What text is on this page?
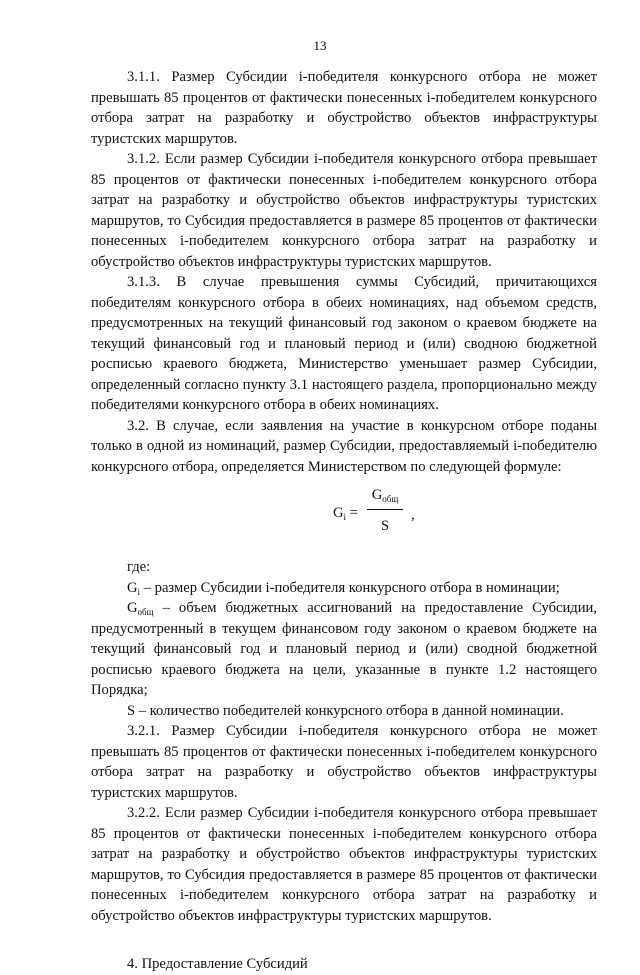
13

3.1.1. Размер Субсидии i-победителя конкурсного отбора не может превышать 85 процентов от фактически понесенных i-победителем конкурсного отбора затрат на разработку и обустройство объектов инфраструктуры туристских маршрутов.

3.1.2. Если размер Субсидии i-победителя конкурсного отбора превышает 85 процентов от фактически понесенных i-победителем конкурсного отбора затрат на разработку и обустройство объектов инфраструктуры туристских маршрутов, то Субсидия предоставляется в размере 85 процентов от фактически понесенных i-победителем конкурсного отбора затрат на разработку и обустройство объектов инфраструктуры туристских маршрутов.

3.1.3. В случае превышения суммы Субсидий, причитающихся победителям конкурсного отбора в обеих номинациях, над объемом средств, предусмотренных на текущий финансовый год законом о краевом бюджете на текущий финансовый год и плановый период и (или) сводною бюджетной росписью краевого бюджета, Министерство уменьшает размер Субсидии, определенный согласно пункту 3.1 настоящего раздела, пропорционально между победителями конкурсного отбора в обеих номинациях.

3.2. В случае, если заявления на участие в конкурсном отборе поданы только в одной из номинаций, размер Субсидии, предоставляемый i-победителю конкурсного отбора, определяется Министерством по следующей формуле:

$G_i$ =
$G_{общ}$
S
,

где:

$G_i$ – размер Субсидии i-победителя конкурсного отбора в номинации;

$G_{общ}$ – объем бюджетных ассигнований на предоставление Субсидии, предусмотренный в текущем финансовом году законом о краевом бюджете на текущий финансовый год и плановый период и (или) сводной бюджетной росписью краевого бюджета на цели, указанные в пункте 1.2 настоящего Порядка;

S – количество победителей конкурсного отбора в данной номинации.

3.2.1. Размер Субсидии i-победителя конкурсного отбора не может превышать 85 процентов от фактически понесенных i-победителем конкурсного отбора затрат на разработку и обустройство объектов инфраструктуры туристских маршрутов.

3.2.2. Если размер Субсидии i-победителя конкурсного отбора превышает 85 процентов от фактически понесенных i-победителем конкурсного отбора затрат на разработку и обустройство объектов инфраструктуры туристских маршрутов, то Субсидия предоставляется в размере 85 процентов от фактически понесенных i-победителем конкурсного отбора затрат на разработку и обустройство объектов инфраструктуры туристских маршрутов.

4. Предоставление Субсидий
